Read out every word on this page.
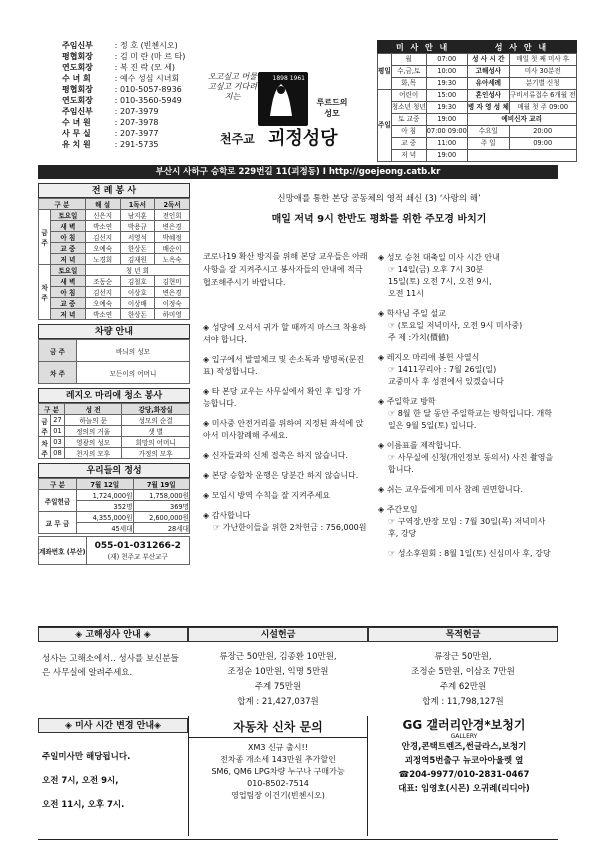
주임신부	:	정 호 (빈첸시오)
평협회장	:	김 미 란 (마 르 타)
연도회장	:	복 진 락 (모 세)
수 녀 회	:	예수 성심 시녀회
평협회장	:	010-5057-8936
연도회장	:	010-3560-5949
주임신부	:	207-3979
수 녀 원	:	207-3978
사 무 실	:	207-3977
유 치 원	:	291-5735
오고싶고 머물고싶고 기다려지는
1898 1961
루르드의 성모
천주교 괴정성당
미 사 안 내			성 사 안 내	
평일	월	07:00	성 사 시 간	매일 첫 째 미사 후
	수,금,토	10:00	고해성사	미사 30분전
	화,목	19:30	유아세례	분기별 신청
주일	어린이	15:00	혼인성사	구비서류접수 6개월 전
	청소년 청년	19:30	병 자 영 성 체	매월 첫 주 09:00
	토 교중	19:00	예비신자 교리	
	아 침	07:00 09:00	수요일	20:00
	교 중	11:00	주 일	09:00
	저 녁	19:00		
부산시 사하구 승학로 229번길 11(괴정동) Ⅰ http://goejeong.catb.kr
전 례 봉 사
구 분		해 설	1독서	2독서
금주	토요일	신은지	남지훈	전인희
	새 벽	박소연	박용규	변은경
	아 침	김선지	서영석	박혜정
	교 중	오예숙	한상돈	배순이
	저 녁	노경희	김재원	노옥숙
차주	토요일	청 년 회		
	새 벽	조동순	김철호	김현미
	아 침	김선지	이상호	변은경
	교 중	오예숙	이상배	이정숙
	저 녁	박소연	한상돈	하미영
차량 안내
금 주	바늬의 성모
차 주	모든이의 어머니
레지오 마리애 청소 봉사
구 분		성 전	강당,화장실
금주	27	하늘의 문	성모의 순결
	01	정의의 거울	샛 별
차주	03	영광의 성모	희망의 어머니
	08	천지의 모후	가정의 모후
우리들의 정성
구 분	7월 12일	7월 19일
주일헌금	1,724,000원	1,758,000원
	352명	369명
교 무 금	4,355,000원	2,600,000원
	45세대	28세대
계좌번호 (부산)	
055-01-031266-2
(재) 천주교 부산교구
신망애를 통한 본당 공동체의 영적 쇄신 (3) ‘사랑의 해’
매일 저녁 9시 한반도 평화를 위한 주모경 바치기
코로나19 확산 방지를 위해 본당 교우들은 아래 사항을 잘 지켜주시고 봉사자들의 안내에 적극 협조해주시기 바랍니다.
◈ 성당에 오셔서 귀가 할 때까지 마스크 착용하셔야 합니다.
◈ 입구에서 발열체크 및 손소독과 방명록(문진표) 작성합니다.
◈ 타 본당 교우는 사무실에서 확인 후 입장 가능합니다.
◈ 미사중 안전거리를 위하여 지정된 좌석에 앉아서 미사참례해 주세요.
◈ 신자들과의 신체 접촉은 하지 않습니다.
◈ 본당 승합차 운행은 당분간 하지 않습니다.
◈ 모임시 방역 수칙을 잘 지켜주세요
◈ 감사합니다
☞ 가난한이들을 위한 2차헌금 : 756,000원
◈ 성모 승천 대축일 미사 시간 안내
☞ 14일(금) 오후 7시 30분
15일(토) 오전 7시, 오전 9시,
오전 11시
◈ 학사님 주일 설교
☞ (토요일 저녁미사, 오전 9시 미사중)
주 제 :가치(價値)
◈ 레지오 마리애 봉헌 사열식
☞ 1411꾸리아 : 7월 26일(일)
교중미사 후 성전에서 있겠습니다
◈ 주일학교 방학
☞ 8월 한 달 동안 주일학교는 방학입니다. 개학일은 9월 5일(토) 입니다.
◈ 이름표를 제작합니다.
☞ 사무실에 신청(개인정보 동의서) 사진 촬영을 합니다.
◈ 쉬는 교우들에게 미사 참례 권면합니다.
◈ 주간모임
☞ 구역장,반장 모임 : 7월 30일(목) 저녁미사 후, 강당
☞ 성소후원회 : 8월 1일(토) 신심미사 후, 강당
◈ 고해성사 안내 ◈
성사는 고해소에서.. 성사를 보신분들은 사무실에 알려주세요.
시설헌금
류장근 50만원, 김종환 10만원,
조정순 10만원, 익명 5만원
주계 75만원
합계 : 21,427,037원
목적헌금
류장근 50만원,
조정순 5만원, 이삼조 7만원
주계 62만원
합계 : 11,798,127원
◈ 미사 시간 변경 안내◈
주일미사만 해당됩니다.
오전 7시, 오전 9시,
오전 11시, 오후 7시.
자동차 신차 문의
XM3 신규 출시!!
전차종 개소세 143만원 추가할인
SM6, QM6 LPG차량 누구나 구매가능
010-8502-7514
영업팀장 이건기(빈첸시오)
GG 갤러리안경*보청기
GALLERY
안경,콘택트렌즈,썬글라스,보청기
괴정역5번출구 뉴코아아울렛 옆
☎204-9977/010-2831-0467
대표: 임영호(시몬) 오귀례(리디아)
